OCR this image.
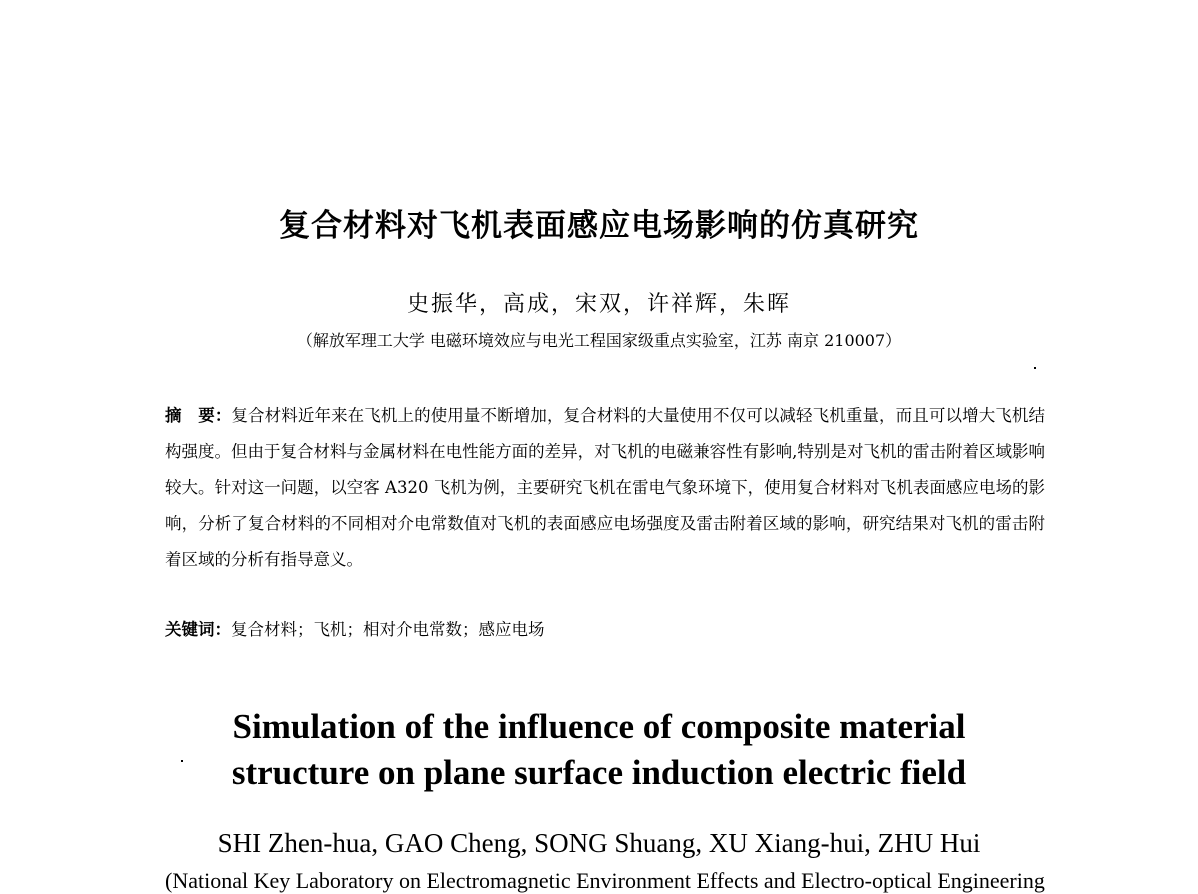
复合材料对飞机表面感应电场影响的仿真研究
史振华，高成，宋双，许祥辉，朱晖
（解放军理工大学 电磁环境效应与电光工程国家级重点实验室，江苏 南京 210007）
摘　要：复合材料近年来在飞机上的使用量不断增加，复合材料的大量使用不仅可以减轻飞机重量，而且可以增大飞机结构强度。但由于复合材料与金属材料在电性能方面的差异，对飞机的电磁兼容性有影响,特别是对飞机的雷击附着区域影响较大。针对这一问题，以空客 A320 飞机为例，主要研究飞机在雷电气象环境下，使用复合材料对飞机表面感应电场的影响，分析了复合材料的不同相对介电常数值对飞机的表面感应电场强度及雷击附着区域的影响，研究结果对飞机的雷击附着区域的分析有指导意义。
关键词：复合材料；飞机；相对介电常数；感应电场
Simulation of the influence of composite material
structure on plane surface induction electric field
SHI Zhen-hua, GAO Cheng, SONG Shuang, XU Xiang-hui, ZHU Hui
(National Key Laboratory on Electromagnetic Environment Effects and Electro-optical Engineering
